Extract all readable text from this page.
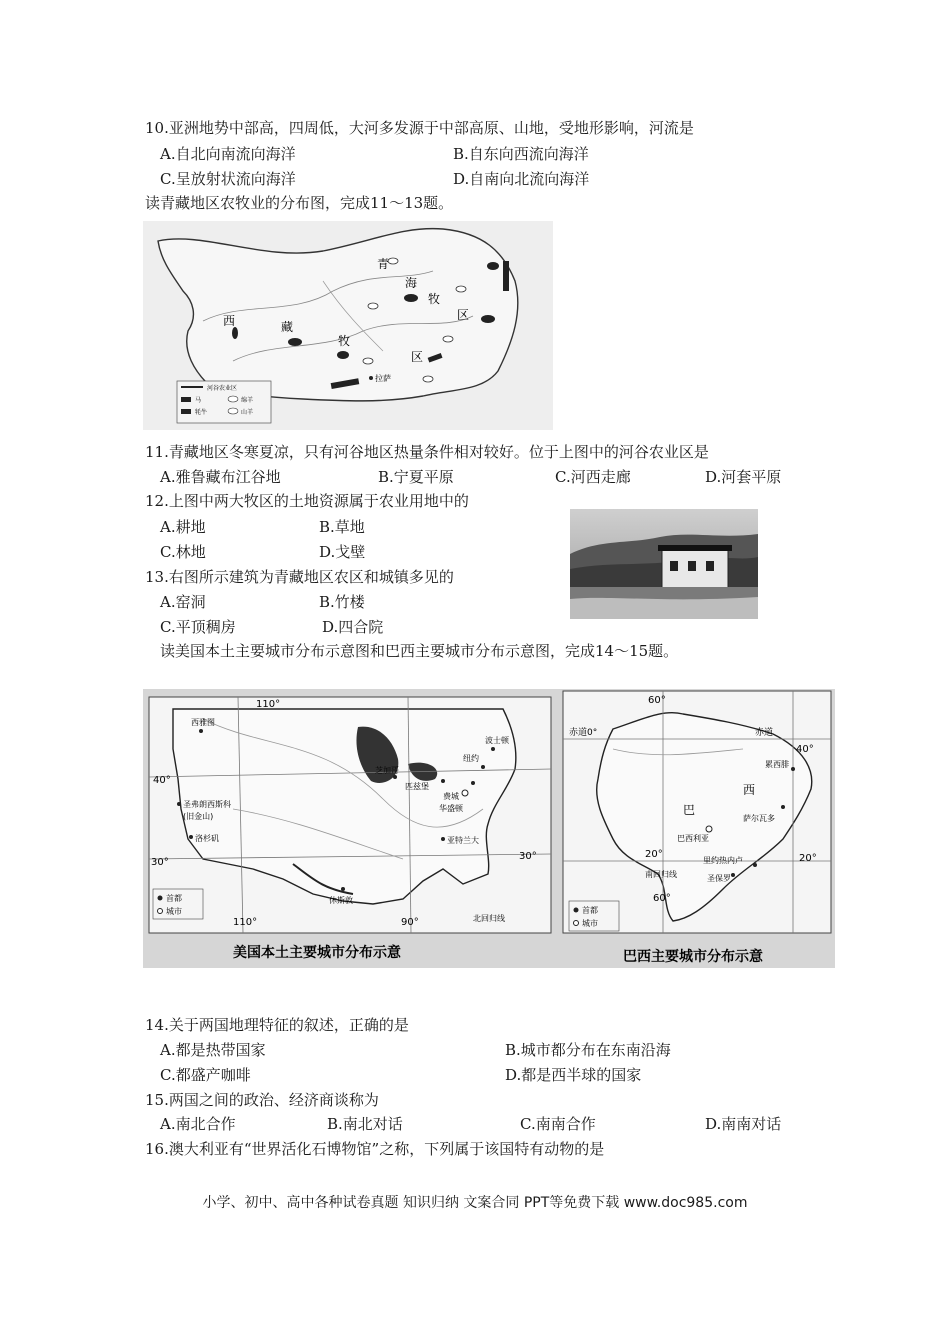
10.亚洲地势中部高，四周低，大河多发源于中部高原、山地，受地形影响，河流是
A.自北向南流向海洋	B.自东向西流向海洋
C.呈放射状流向海洋	D.自南向北流向海洋
读青藏地区农牧业的分布图，完成11～13题。
青
海
牧
区
西	藏
牧
区
拉萨
河谷农业区
马	绵羊
牦牛	山羊
11.青藏地区冬寒夏凉，只有河谷地区热量条件相对较好。位于上图中的河谷农业区是
A.雅鲁藏布江谷地	B.宁夏平原	C.河西走廊	D.河套平原
12.上图中两大牧区的土地资源属于农业用地中的
A.耕地	B.草地
C.林地	D.戈壁
13.右图所示建筑为青藏地区农区和城镇多见的
A.窑洞	B.竹楼
C.平顶稠房	D.四合院
读美国本土主要城市分布示意图和巴西主要城市分布示意图，完成14～15题。
110°
110°	90°
40°
30°
30°
西雅图
圣弗朗西斯科
(旧金山)
洛杉矶
芝加哥
匹兹堡
纽约
费城
波士顿
华盛顿
亚特兰大
休斯敦
北回归线
首都
城市
美国本土主要城市分布示意
60°
60°
40°
赤道0°	赤道
20°	20°
巴
西
累西腓
萨尔瓦多
巴西利亚
里约热内卢
圣保罗
南回归线
首都
城市
巴西主要城市分布示意
14.关于两国地理特征的叙述，正确的是
A.都是热带国家	B.城市都分布在东南沿海
C.都盛产咖啡	D.都是西半球的国家
15.两国之间的政治、经济商谈称为
A.南北合作	B.南北对话	C.南南合作	D.南南对话
16.澳大利亚有“世界活化石博物馆”之称，下列属于该国特有动物的是
小学、初中、高中各种试卷真题 知识归纳 文案合同 PPT等免费下载 www.doc985.com
